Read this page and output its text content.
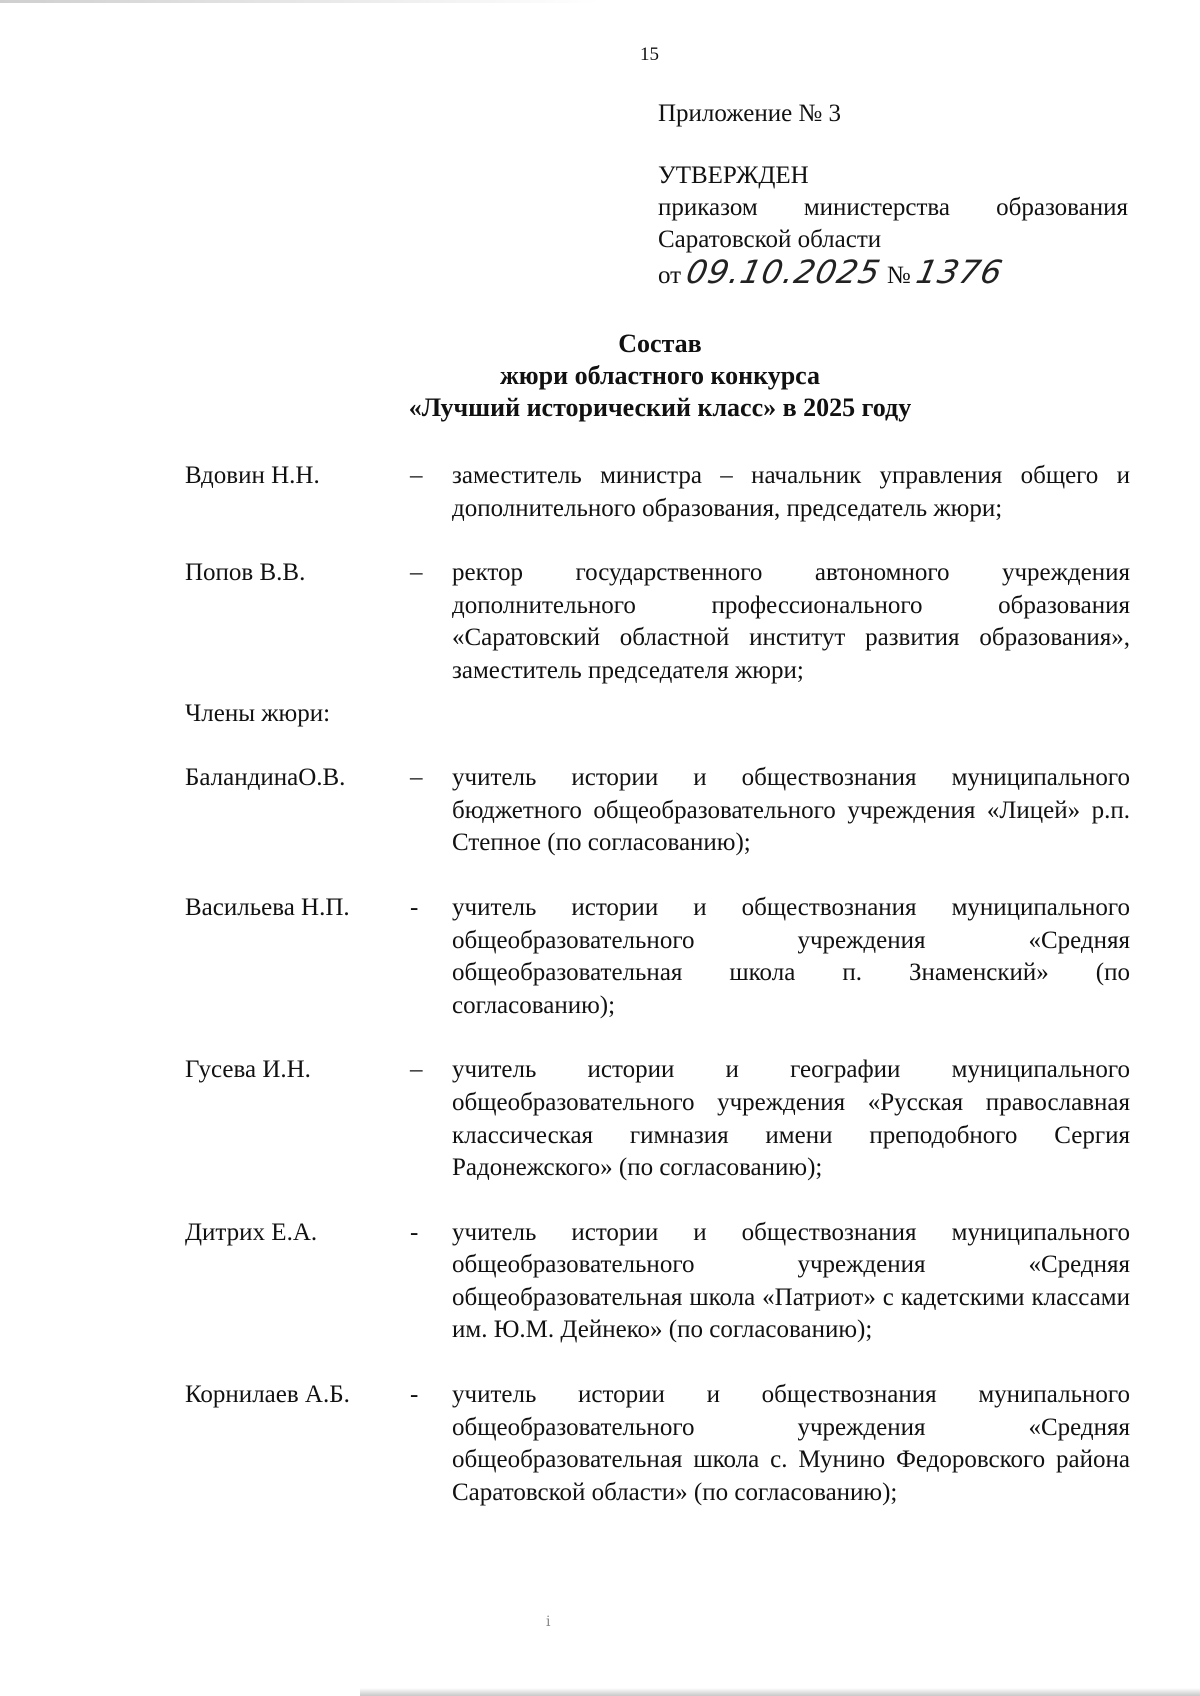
15
Приложение № 3
УТВЕРЖДЕН
приказом министерства образования
Саратовской области
от 09.10.2025 № 1376
Состав
жюри областного конкурса
«Лучший исторический класс» в 2025 году
Вдовин Н.Н.	–	заместитель министра – начальник управления общего и дополнительного образования, председатель жюри;
Попов В.В.	–	ректор государственного автономного учреждения дополнительного профессионального образования «Саратовский областной институт развития образования», заместитель председателя жюри;
Члены жюри:
БаландинаО.В.	–	учитель истории и обществознания муниципального бюджетного общеобразовательного учреждения «Лицей» р.п. Степное (по согласованию);
Васильева Н.П.	-	учитель истории и обществознания муниципального общеобразовательного учреждения «Средняя общеобразовательная школа п. Знаменский» (по согласованию);
Гусева И.Н.	–	учитель истории и географии муниципального общеобразовательного учреждения «Русская православная классическая гимназия имени преподобного Сергия Радонежского» (по согласованию);
Дитрих Е.А.	-	учитель истории и обществознания муниципального общеобразовательного учреждения «Средняя общеобразовательная школа «Патриот» с кадетскими классами им. Ю.М. Дейнеко» (по согласованию);
Корнилаев А.Б.	-	учитель истории и обществознания мунипального общеобразовательного учреждения «Средняя общеобразовательная школа с. Мунино Федоровского района Саратовской области» (по согласованию);
ⅰ
